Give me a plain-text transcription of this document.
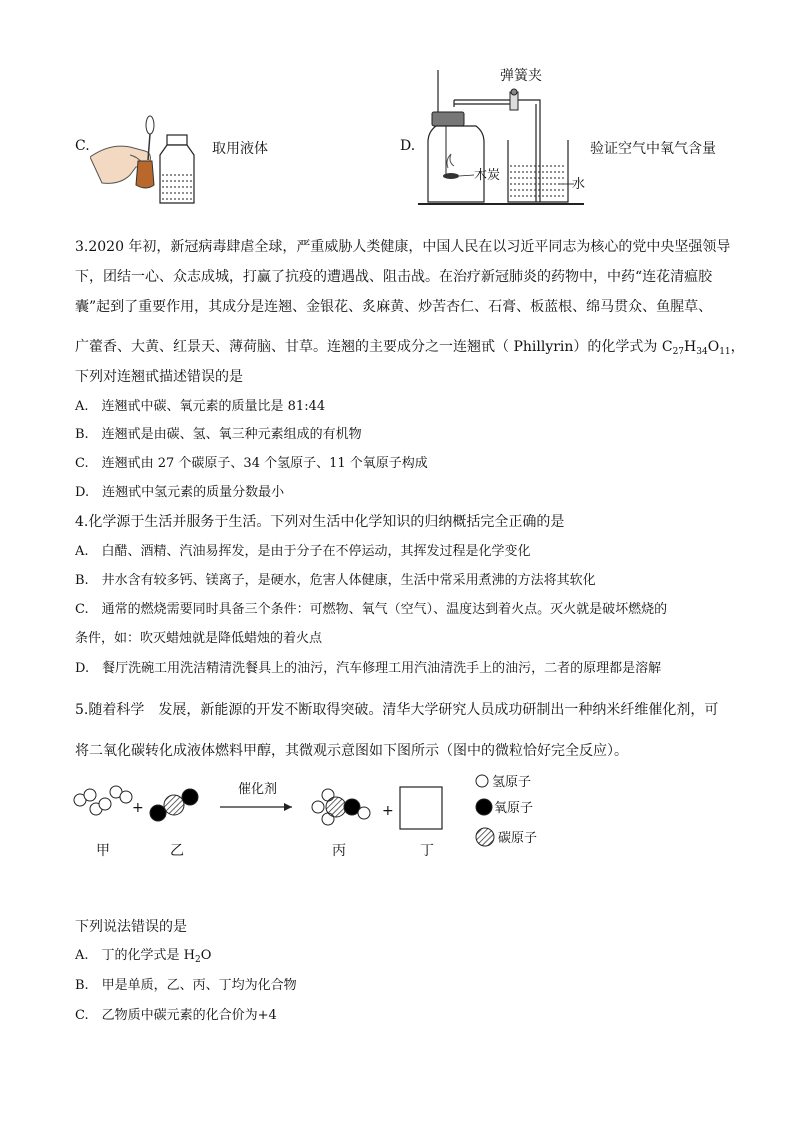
C.	取用液体	D.
弹簧夹
木炭
水
验证空气中氧气含量
3.2020 年初，新冠病毒肆虐全球，严重威胁人类健康，中国人民在以习近平同志为核心的党中央坚强领导
下，团结一心、众志成城，打赢了抗疫的遭遇战、阻击战。在治疗新冠肺炎的药物中，中药“连花清瘟胶
囊”起到了重要作用，其成分是连翘、金银花、炙麻黄、炒苦杏仁、石膏、板蓝根、绵马贯众、鱼腥草、
广藿香、大黄、红景天、薄荷脑、甘草。连翘的主要成分之一连翘甙（ Phillyrin）的化学式为 $C_{27}H_{34}O_{11}$，
下列对连翘甙描述错误的是
A.　连翘甙中碳、氧元素的质量比是 81:44
B.　连翘甙是由碳、氢、氧三种元素组成的有机物
C.　连翘甙由 27 个碳原子、34 个氢原子、11 个氧原子构成
D.　连翘甙中氢元素的质量分数最小
4.化学源于生活并服务于生活。下列对生活中化学知识的归纳概括完全正确的是
A.　白醋、酒精、汽油易挥发，是由于分子在不停运动，其挥发过程是化学变化
B.　井水含有较多钙、镁离子，是硬水，危害人体健康，生活中常采用煮沸的方法将其软化
C.　通常的燃烧需要同时具备三个条件：可燃物、氧气（空气）、温度达到着火点。灭火就是破坏燃烧的
条件，如：吹灭蜡烛就是降低蜡烛的着火点
D.　餐厅洗碗工用洗洁精清洗餐具上的油污，汽车修理工用汽油清洗手上的油污，二者的原理都是溶解
5.随着科学　发展，新能源的开发不断取得突破。清华大学研究人员成功研制出一种纳米纤维催化剂，可
将二氧化碳转化成液体燃料甲醇，其微观示意图如下图所示（图中的微粒恰好完全反应）。
甲
+
乙
催化剂
丙
+
丁
氢原子
氧原子
碳原子
下列说法错误的是
A.　丁的化学式是 $H_2O$
B.　甲是单质，乙、丙、丁均为化合物
C.　乙物质中碳元素的化合价为+4
